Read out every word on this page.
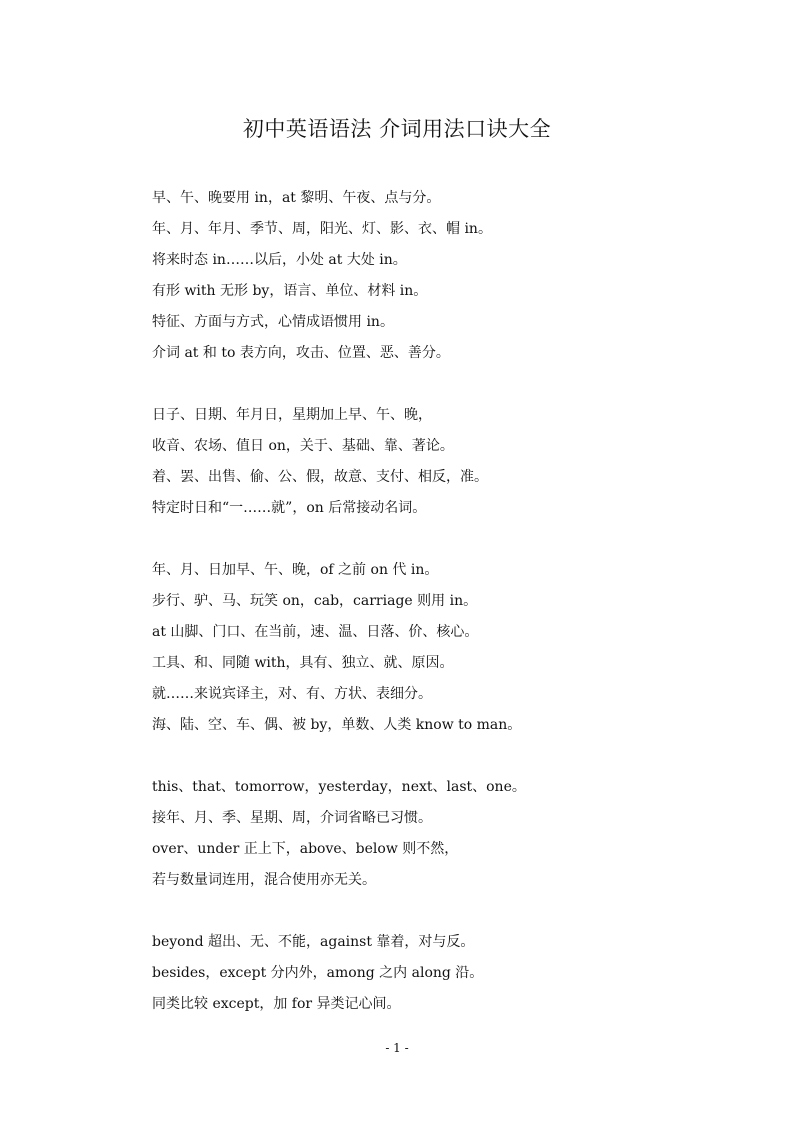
初中英语语法 介词用法口诀大全
早、午、晚要用 in，at 黎明、午夜、点与分。
年、月、年月、季节、周，阳光、灯、影、衣、帽 in。
将来时态 in……以后，小处 at 大处 in。
有形 with 无形 by，语言、单位、材料 in。
特征、方面与方式，心情成语惯用 in。
介词 at 和 to 表方向，攻击、位置、恶、善分。
日子、日期、年月日，星期加上早、午、晚，
收音、农场、值日 on，关于、基础、靠、著论。
着、罢、出售、偷、公、假，故意、支付、相反，准。
特定时日和“一……就”，on 后常接动名词。
年、月、日加早、午、晚，of 之前 on 代 in。
步行、驴、马、玩笑 on，cab，carriage 则用 in。
at 山脚、门口、在当前，速、温、日落、价、核心。
工具、和、同随 with，具有、独立、就、原因。
就……来说宾译主，对、有、方状、表细分。
海、陆、空、车、偶、被 by，单数、人类 know to man。
this、that、tomorrow，yesterday，next、last、one。
接年、月、季、星期、周，介词省略已习惯。
over、under 正上下，above、below 则不然，
若与数量词连用，混合使用亦无关。
beyond 超出、无、不能，against 靠着，对与反。
besides，except 分内外，among 之内 along 沿。
同类比较 except，加 for 异类记心间。
- 1 -
